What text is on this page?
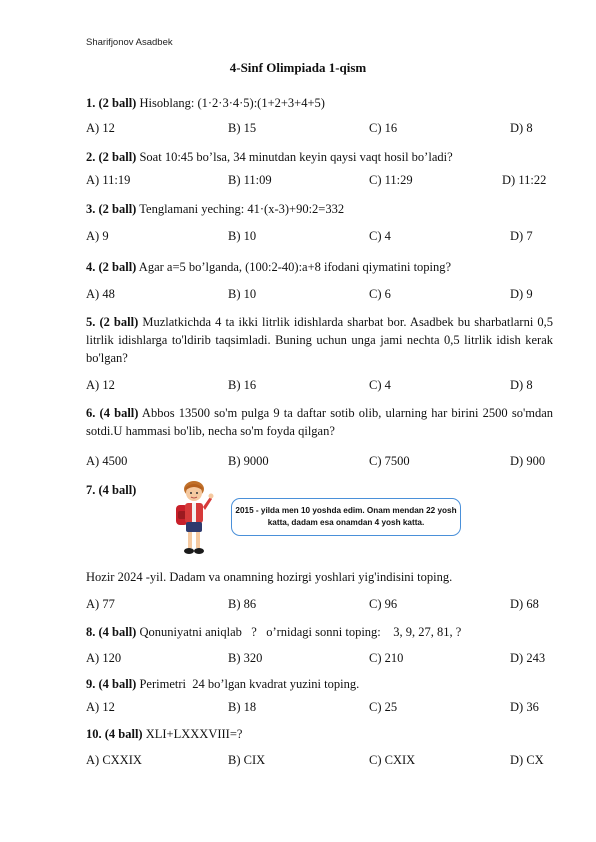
Sharifjonov Asadbek
4-Sinf Olimpiada 1-qism
1. (2 ball) Hisoblang: (1·2·3·4·5):(1+2+3+4+5)
A) 12	B) 15	C) 16	D) 8
2. (2 ball) Soat 10:45 bo’lsa, 34 minutdan keyin qaysi vaqt hosil bo’ladi?
A) 11:19	B) 11:09	C) 11:29	D) 11:22
3. (2 ball) Tenglamani yeching: 41·(x-3)+90:2=332
A) 9	B) 10	C) 4	D) 7
4. (2 ball) Agar a=5 bo’lganda, (100:2-40):a+8 ifodani qiymatini toping?
A) 48	B) 10	C) 6	D) 9
5. (2 ball) Muzlatkichda 4 ta ikki litrlik idishlarda sharbat bor. Asadbek bu sharbatlarni 0,5 litrlik idishlarga to'ldirib taqsimladi. Buning uchun unga jami nechta 0,5 litrlik idish kerak bo'lgan?
A) 12	B) 16	C) 4	D) 8
6. (4 ball) Abbos 13500 so'm pulga 9 ta daftar sotib olib, ularning har birini 2500 so'mdan sotdi.U hammasi bo'lib, necha so'm foyda qilgan?
A) 4500	B) 9000	C) 7500	D) 900
7. (4 ball)
2015 - yilda men 10 yoshda edim. Onam mendan 22 yosh katta, dadam esa onamdan 4 yosh katta.
Hozir 2024 -yil. Dadam va onamning hozirgi yoshlari yig'indisini toping.
A) 77	B) 86	C) 96	D) 68
8. (4 ball) Qonuniyatni aniqlab   ?   o’rnidagi sonni toping:    3, 9, 27, 81, ?
A) 120	B) 320	C) 210	D) 243
9. (4 ball) Perimetri  24 bo’lgan kvadrat yuzini toping.
A) 12	B) 18	C) 25	D) 36
10. (4 ball) XLI+LXXXVIII=?
A) CXXIX	B) CIX	C) CXIX	D) CX
